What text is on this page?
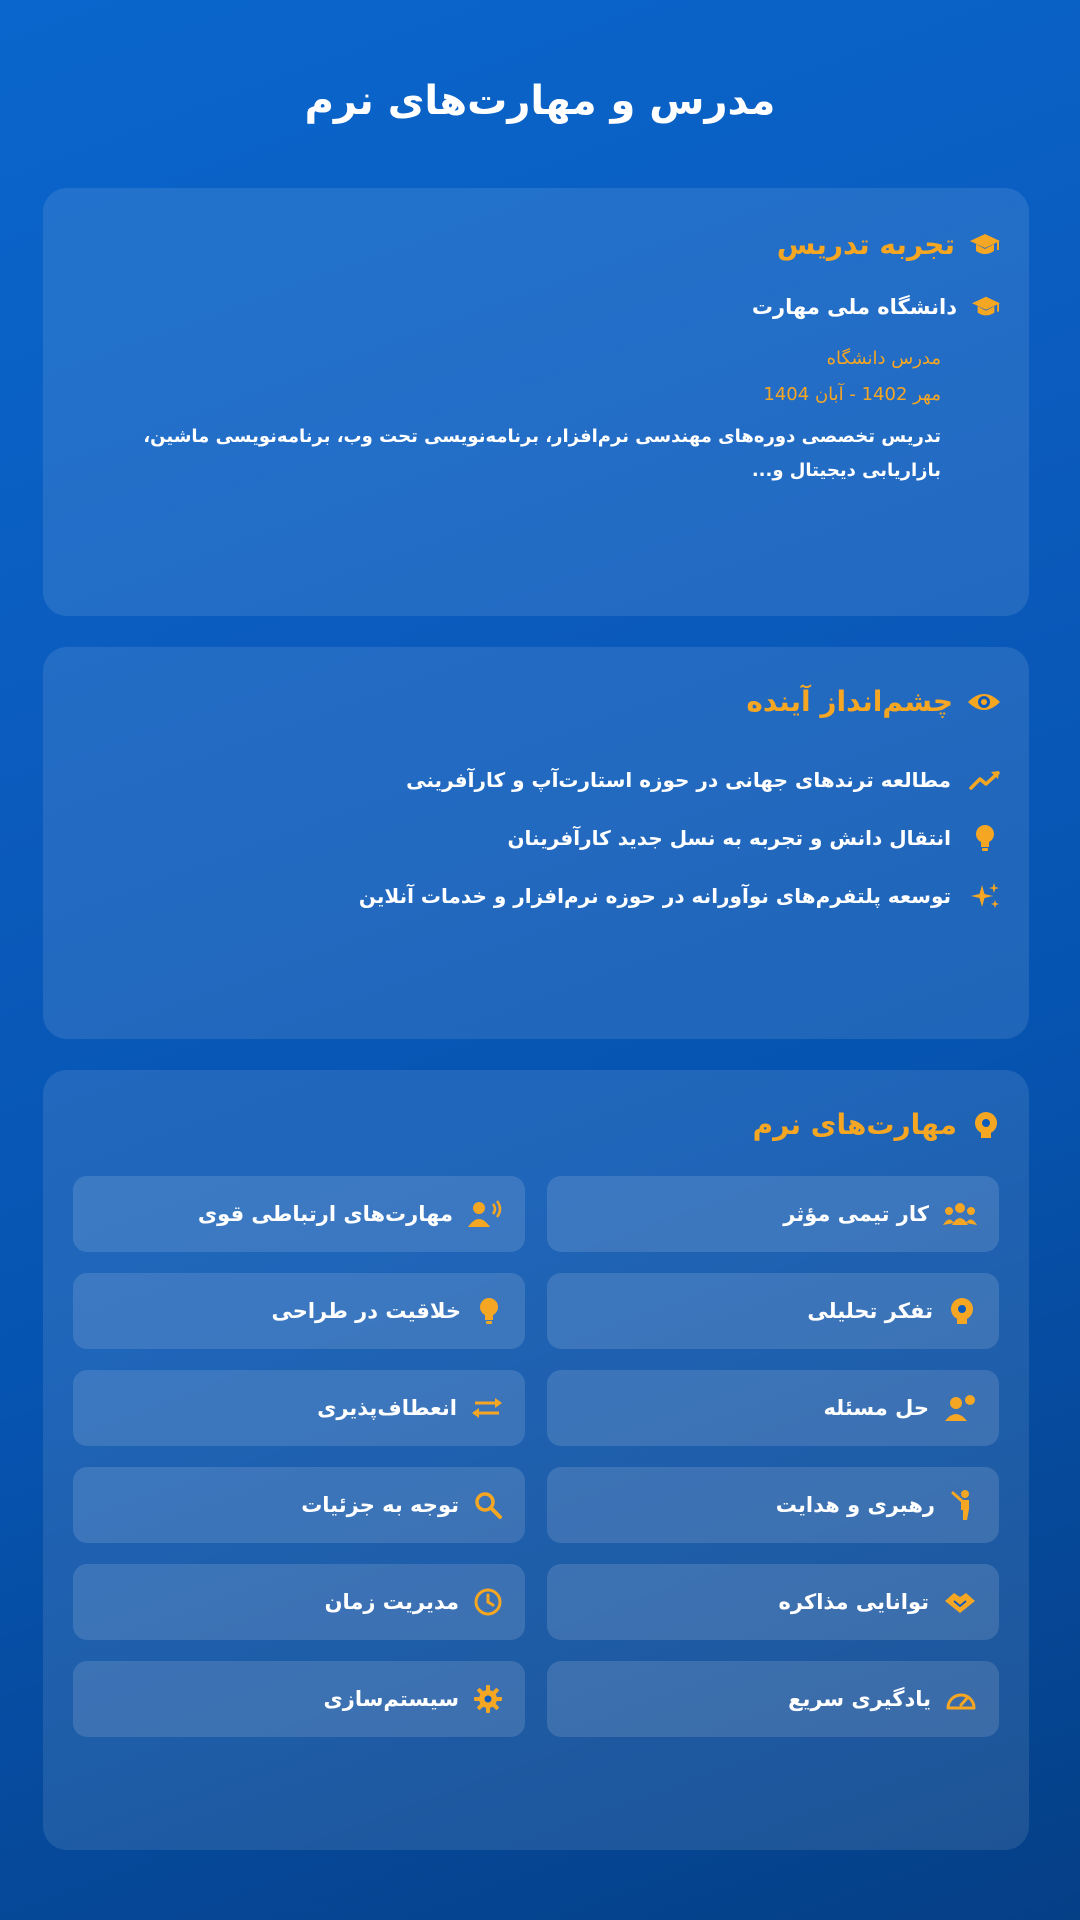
مدرس و مهارت‌های نرم
تجربه تدریس
دانشگاه ملی مهارت
مدرس دانشگاه
مهر 1402 - آبان 1404
تدریس تخصصی دوره‌های مهندسی نرم‌افزار، برنامه‌نویسی تحت وب، برنامه‌نویسی ماشین، بازاریابی دیجیتال و...
چشم‌انداز آینده
مطالعه ترندهای جهانی در حوزه استارت‌آپ و کارآفرینی
انتقال دانش و تجربه به نسل جدید کارآفرینان
توسعه پلتفرم‌های نوآورانه در حوزه نرم‌افزار و خدمات آنلاین
مهارت‌های نرم
کار تیمی مؤثر
مهارت‌های ارتباطی قوی
تفکر تحلیلی
خلاقیت در طراحی
حل مسئله
انعطاف‌پذیری
رهبری و هدایت
توجه به جزئیات
توانایی مذاکره
مدیریت زمان
یادگیری سریع
سیستم‌سازی
